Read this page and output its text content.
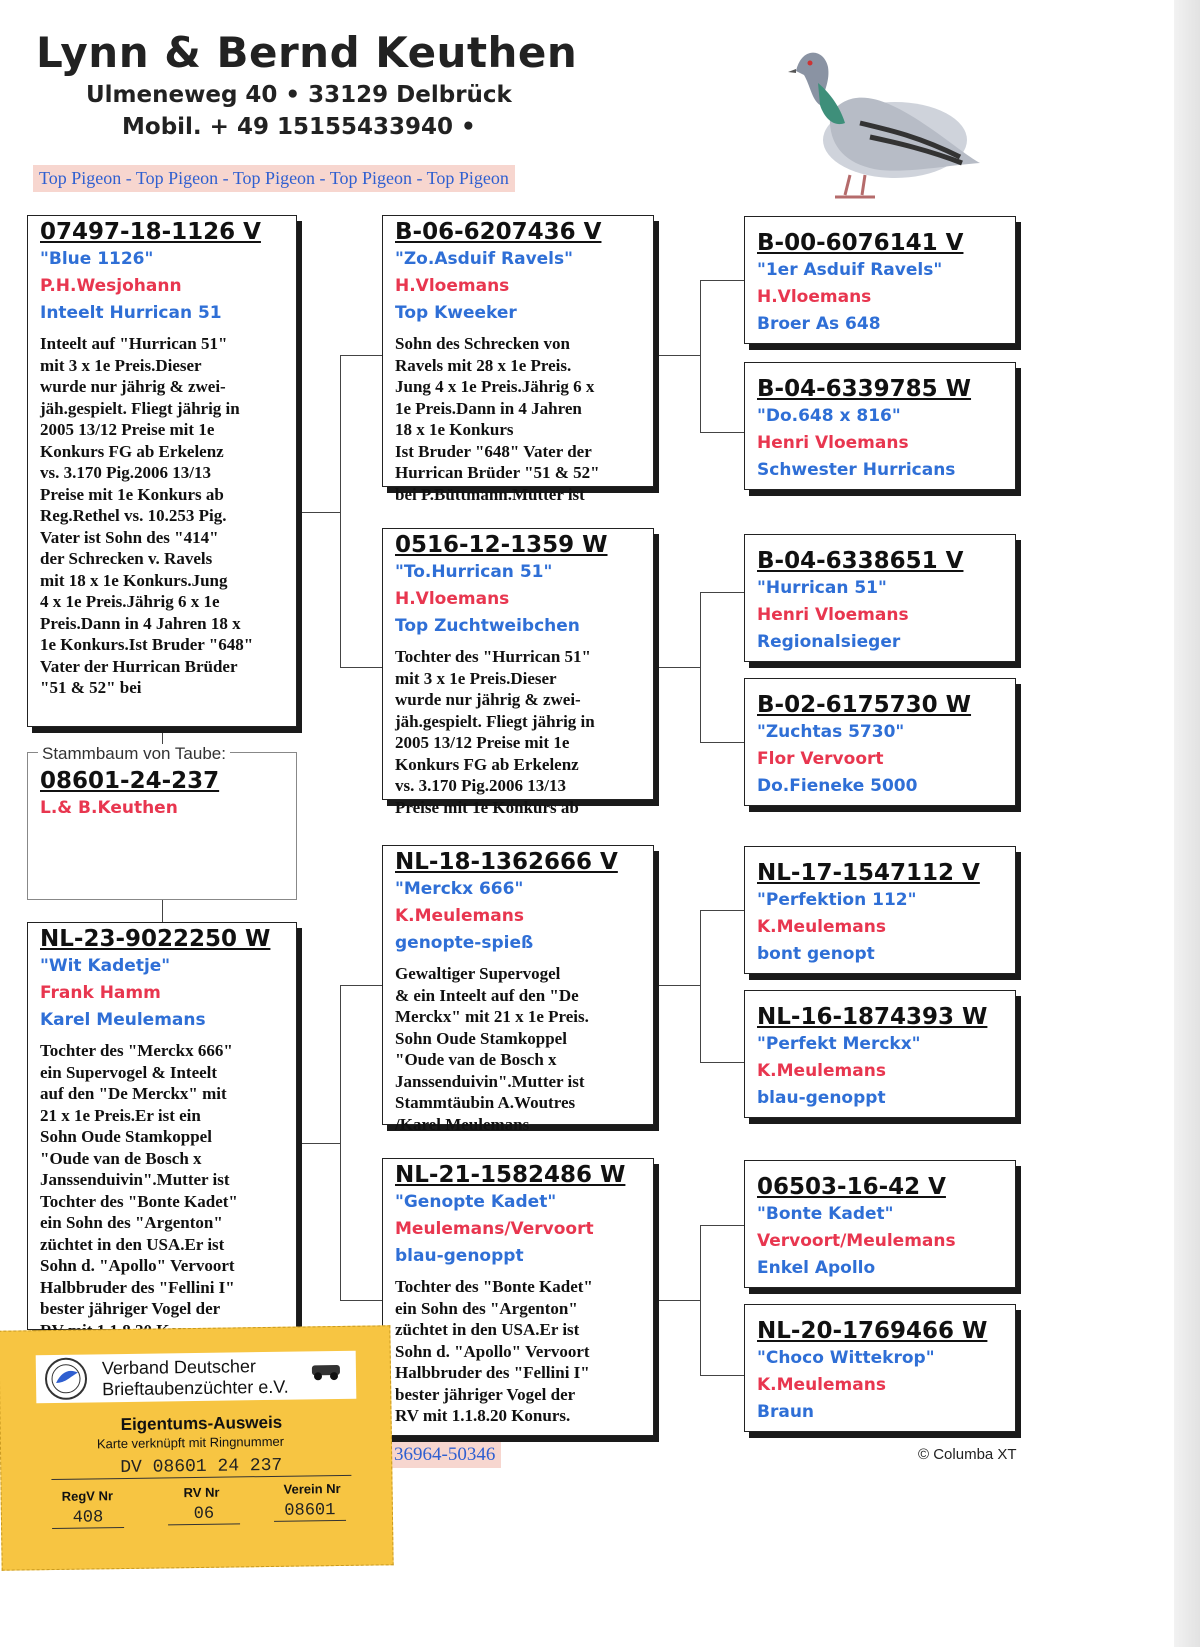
Lynn & Bernd Keuthen
Ulmeneweg 40 • 33129 Delbrück
Mobil. + 49 15155433940 •
Top Pigeon - Top Pigeon - Top Pigeon - Top Pigeon - Top Pigeon
07497-18-1126 V
"Blue 1126"
P.H.Wesjohann
Inteelt Hurrican 51
Inteelt auf "Hurrican 51"
mit 3 x 1e Preis.Dieser
wurde nur jährig & zwei-
jäh.gespielt. Fliegt jährig in
2005 13/12 Preise mit 1e
Konkurs FG ab Erkelenz
vs. 3.170 Pig.2006 13/13
Preise mit 1e Konkurs ab
Reg.Rethel vs. 10.253 Pig.
Vater ist Sohn des "414"
der Schrecken v. Ravels
mit 18 x 1e Konkurs.Jung
4 x 1e Preis.Jährig 6 x 1e
Preis.Dann in 4 Jahren 18 x
1e Konkurs.Ist Bruder "648"
Vater der Hurrican Brüder
"51 & 52" bei
08601-24-237
L.& B.Keuthen
Stammbaum von Taube:
NL-23-9022250 W
"Wit Kadetje"
Frank Hamm
Karel Meulemans
Tochter des "Merckx 666"
ein Supervogel & Inteelt
auf den "De Merckx" mit
21 x 1e Preis.Er ist ein
Sohn Oude Stamkoppel
"Oude van de Bosch x
Janssenduivin".Mutter ist
Tochter des "Bonte Kadet"
ein Sohn des "Argenton"
züchtet in den USA.Er ist
Sohn d. "Apollo" Vervoort
Halbbruder des "Fellini I"
bester jähriger Vogel der

B-06-6207436 V
"Zo.Asduif Ravels"
H.Vloemans
Top Kweeker
Sohn des Schrecken von
Ravels mit 28 x 1e Preis.
Jung 4 x 1e Preis.Jährig 6 x
1e Preis.Dann in 4 Jahren
18 x 1e Konkurs
Ist Bruder "648" Vater der
Hurrican Brüder "51 & 52"
bei P.Büttmann.Mutter ist
0516-12-1359 W
"To.Hurrican 51"
H.Vloemans
Top Zuchtweibchen
Tochter des "Hurrican 51"
mit 3 x 1e Preis.Dieser
wurde nur jährig & zwei-
jäh.gespielt. Fliegt jährig in
2005 13/12 Preise mit 1e
Konkurs FG ab Erkelenz
vs. 3.170 Pig.2006 13/13
Preise mit 1e Konkurs ab
NL-18-1362666 V
"Merckx 666"
K.Meulemans
genopte-spieß
Gewaltiger Supervogel
& ein Inteelt auf den "De
Merckx" mit 21 x 1e Preis.
Sohn Oude Stamkoppel
"Oude van de Bosch x
Janssenduivin".Mutter ist
Stammtäubin A.Woutres
/Karel Meulemans
NL-21-1582486 W
"Genopte Kadet"
Meulemans/Vervoort
blau-genoppt
Tochter des "Bonte Kadet"
ein Sohn des "Argenton"
züchtet in den USA.Er ist
Sohn d. "Apollo" Vervoort
Halbbruder des "Fellini I"
bester jähriger Vogel der
RV mit 1.1.8.20 Konurs.
B-00-6076141 V
"1er Asduif Ravels"
H.Vloemans
Broer As 648
B-04-6339785 W
"Do.648 x 816"
Henri Vloemans
Schwester Hurricans
B-04-6338651 V
"Hurrican 51"
Henri Vloemans
Regionalsieger
B-02-6175730 W
"Zuchtas 5730"
Flor Vervoort
Do.Fieneke 5000
NL-17-1547112 V
"Perfektion 112"
K.Meulemans
bont genopt
NL-16-1874393 W
"Perfekt Merckx"
K.Meulemans
blau-genoppt
06503-16-42 V
"Bonte Kadet"
Vervoort/Meulemans
Enkel Apollo
NL-20-1769466 W
"Choco Wittekrop"
K.Meulemans
Braun
36964-50346	© Columba XT
Verband Deutscher
Brieftaubenzüchter e.V.
Eigentums-Ausweis
Karte verknüpft mit Ringnummer
DV 08601 24 237
RegV Nr	RV Nr	Verein Nr
408	06	08601
